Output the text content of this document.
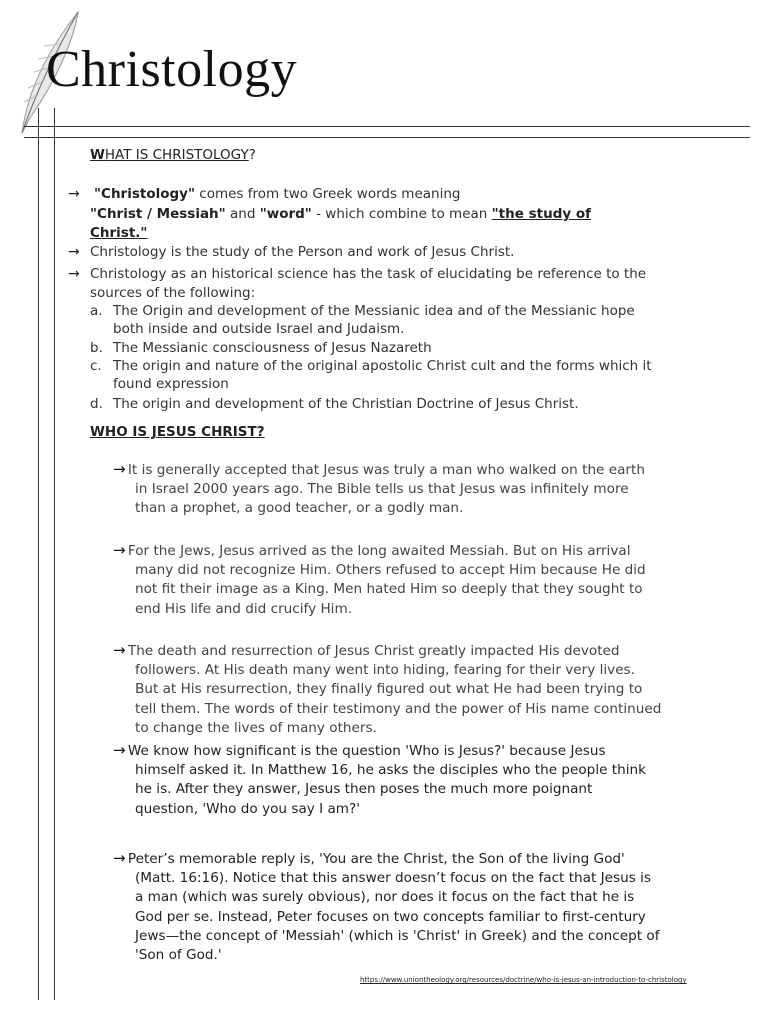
Christology
WHAT IS CHRISTOLOGY?
→ "Christology" comes from two Greek words meaning
"Christ / Messiah" and "word" - which combine to mean "the study of
Christ."
→ Christology is the study of the Person and work of Jesus Christ.
→ Christology as an historical science has the task of elucidating be reference to the
sources of the following:
a. The Origin and development of the Messianic idea and of the Messianic hope
both inside and outside Israel and Judaism.
b. The Messianic consciousness of Jesus Nazareth
c. The origin and nature of the original apostolic Christ cult and the forms which it
found expression
d. The origin and development of the Christian Doctrine of Jesus Christ.
WHO IS JESUS CHRIST?
→ It is generally accepted that Jesus was truly a man who walked on the earth
in Israel 2000 years ago. The Bible tells us that Jesus was infinitely more
than a prophet, a good teacher, or a godly man.
→ For the Jews, Jesus arrived as the long awaited Messiah. But on His arrival
many did not recognize Him. Others refused to accept Him because He did
not fit their image as a King. Men hated Him so deeply that they sought to
end His life and did crucify Him.
→ The death and resurrection of Jesus Christ greatly impacted His devoted
followers. At His death many went into hiding, fearing for their very lives.
But at His resurrection, they finally figured out what He had been trying to
tell them. The words of their testimony and the power of His name continued
to change the lives of many others.
→ We know how significant is the question 'Who is Jesus?' because Jesus
himself asked it. In Matthew 16, he asks the disciples who the people think
he is. After they answer, Jesus then poses the much more poignant
question, 'Who do you say I am?'
→ Peter’s memorable reply is, 'You are the Christ, the Son of the living God'
(Matt. 16:16). Notice that this answer doesn’t focus on the fact that Jesus is
a man (which was surely obvious), nor does it focus on the fact that he is
God per se. Instead, Peter focuses on two concepts familiar to first-century
Jews—the concept of 'Messiah' (which is 'Christ' in Greek) and the concept of
'Son of God.'
https://www.uniontheology.org/resources/doctrine/who-is-jesus-an-introduction-to-christology
